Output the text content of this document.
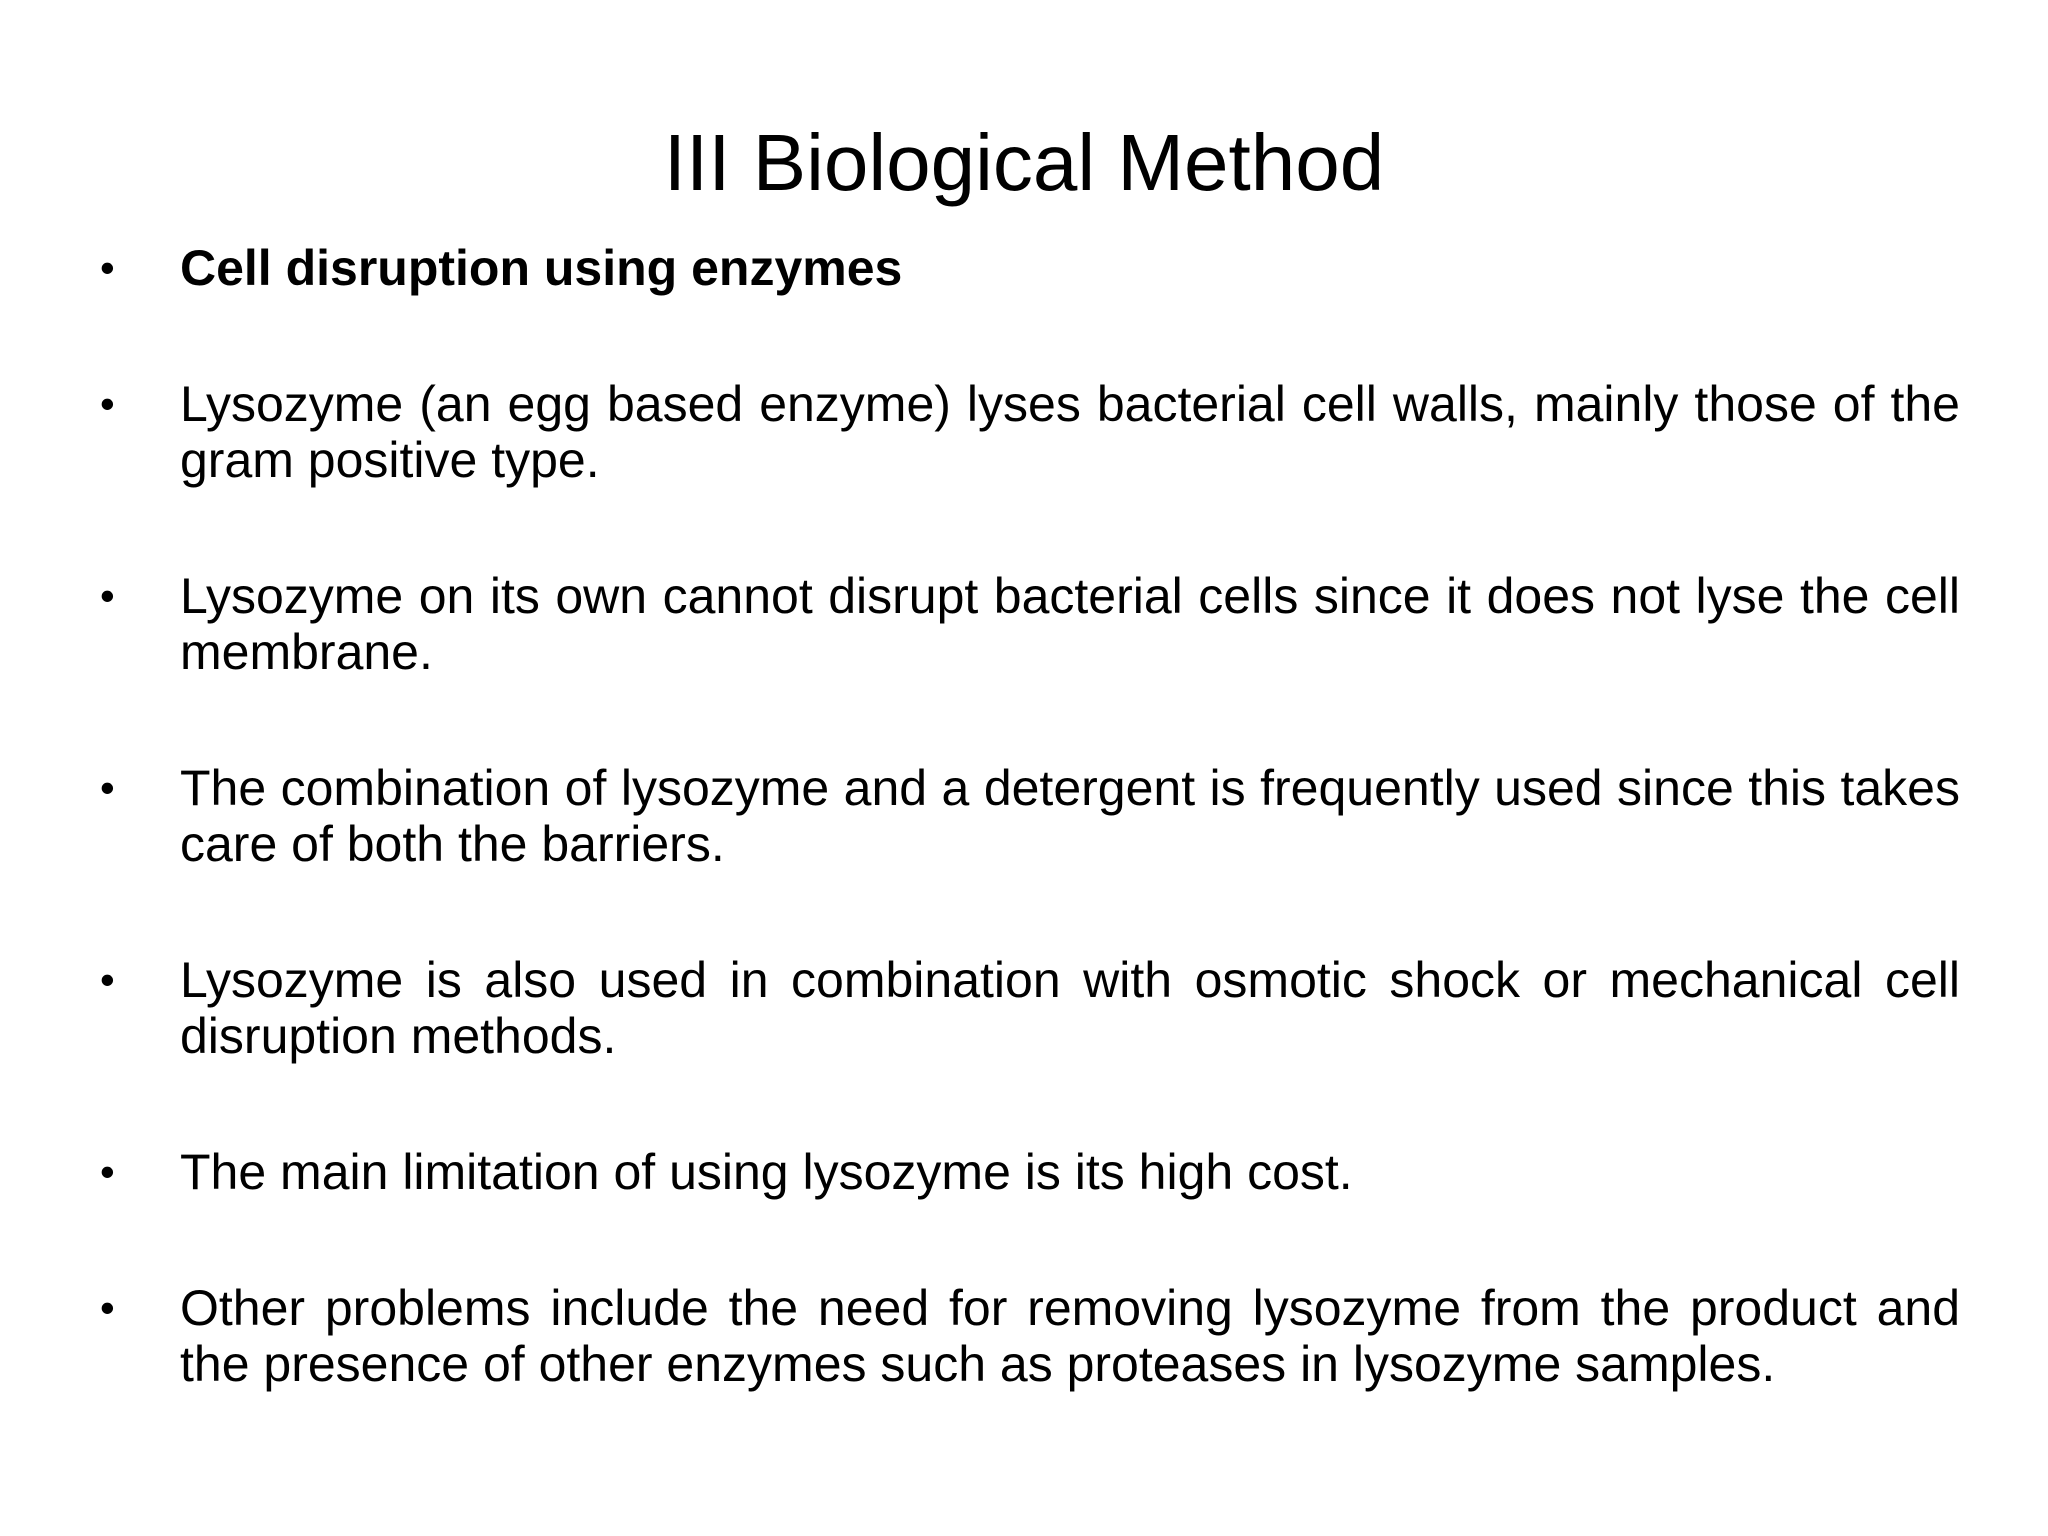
III Biological Method
•	Cell disruption using enzymes
•	Lysozyme (an egg based enzyme) lyses bacterial cell walls, mainly those of the gram positive type.
•	Lysozyme on its own cannot disrupt bacterial cells since it does not lyse the cell membrane.
•	The combination of lysozyme and a detergent is frequently used since this takes care of both the barriers.
•	Lysozyme is also used in combination with osmotic shock or mechanical cell disruption methods.
•	The main limitation of using lysozyme is its high cost.
•	Other problems include the need for removing lysozyme from the product and the presence of other enzymes such as proteases in lysozyme samples.
